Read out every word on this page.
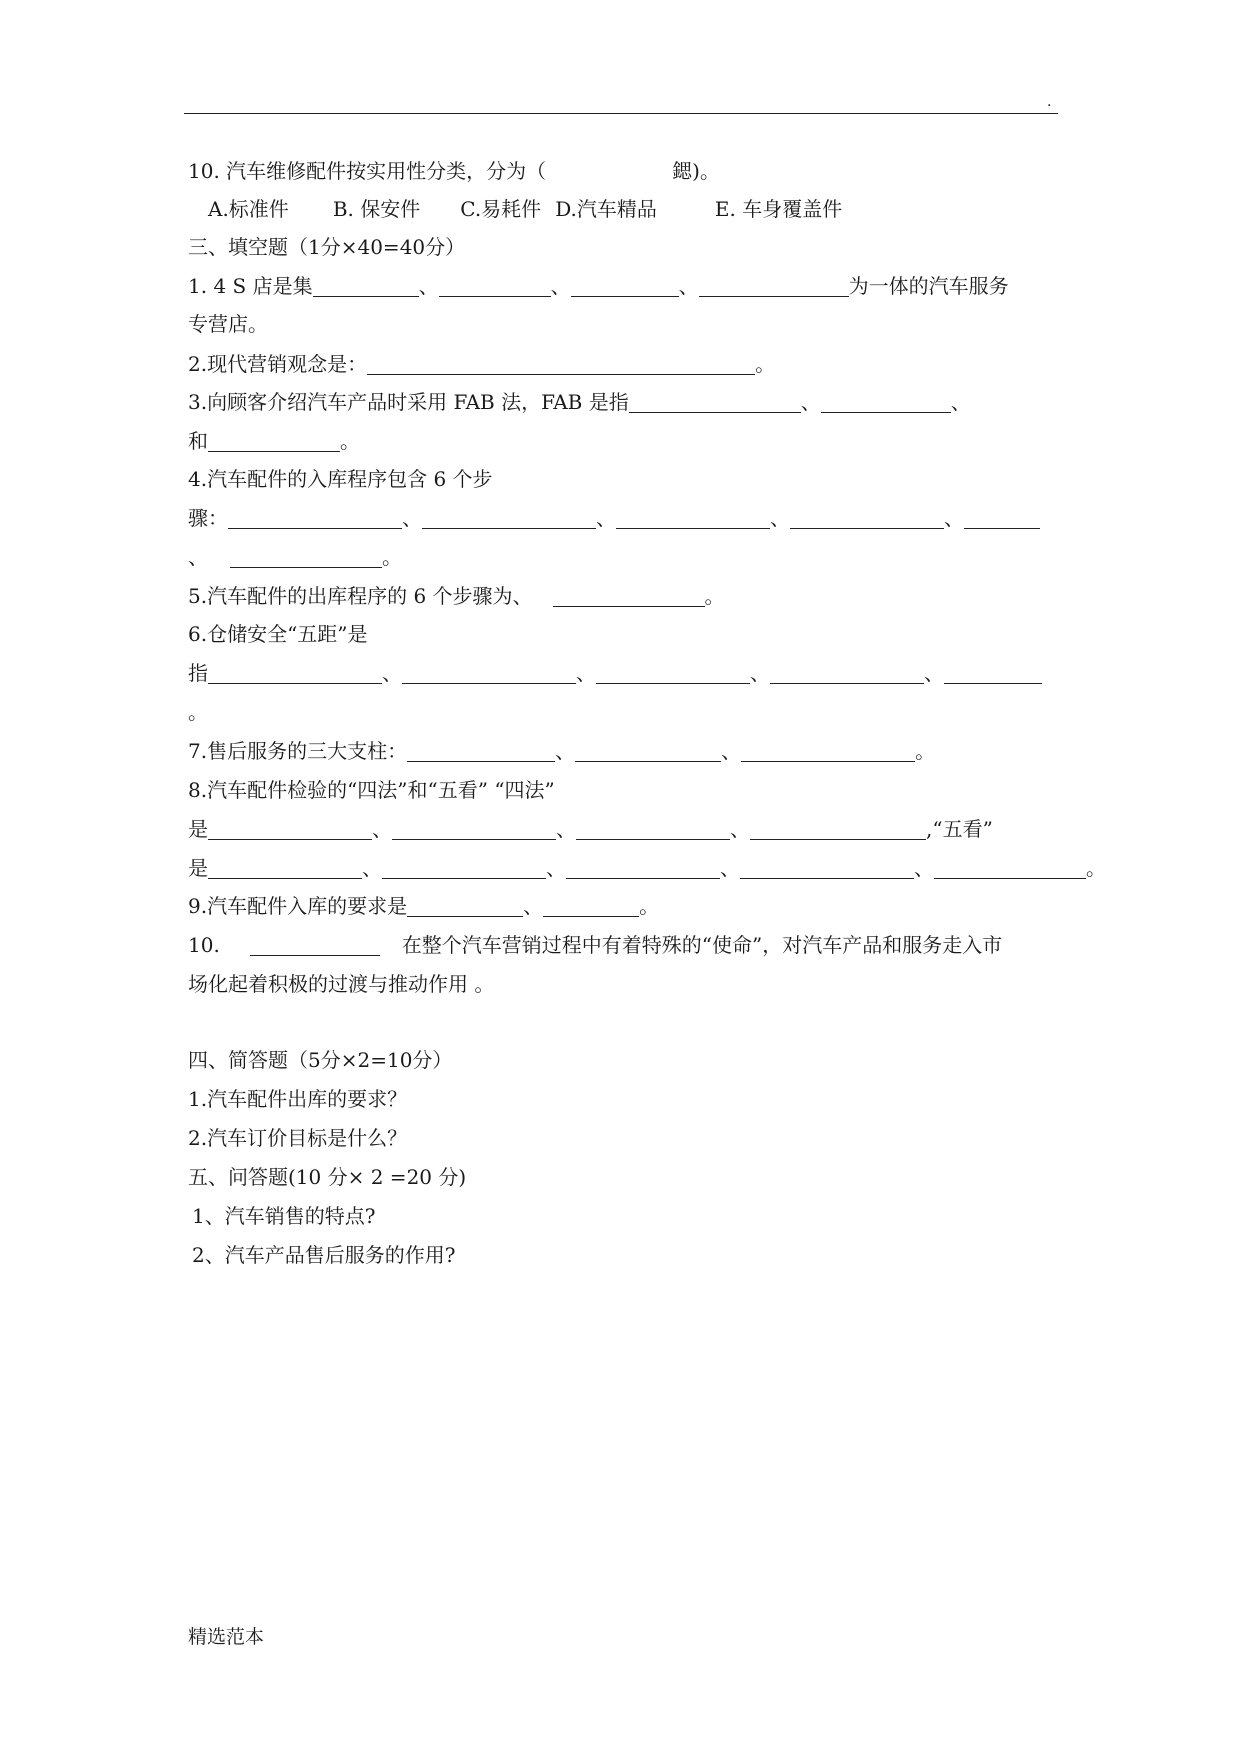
.
10. 汽车维修配件按实用性分类，分为（	鍶)。
A.标准件 B. 保安件 C.易耗件 D.汽车精品	E. 车身覆盖件
三、填空题（1分×40=40分）
1. 4 S 店是集	、	、	、	为一体的汽车服务
专营店。
2.现代营销观念是：	。
3.向顾客介绍汽车产品时采用 FAB 法，FAB 是指	、	、
和	。
4.汽车配件的入库程序包含 6 个步
骤：	、	、	、	、
、	。
5.汽车配件的出库程序的 6 个步骤为、	。
6.仓储安全“五距”是
指	、	、	、	、
。
7.售后服务的三大支柱：	、	、	。
8.汽车配件检验的“四法”和“五看” “四法”
是	、	、	、	,“五看”
是	、	、	、	、	。
9.汽车配件入库的要求是	、	。
10.	在整个汽车营销过程中有着特殊的“使命”，对汽车产品和服务走入市
场化起着积极的过渡与推动作用 。
四、简答题（5分×2=10分）
1.汽车配件出库的要求？
2.汽车订价目标是什么？
五、问答题(10 分× 2 =20 分)
1、汽车销售的特点?
2、汽车产品售后服务的作用?
精选范本
